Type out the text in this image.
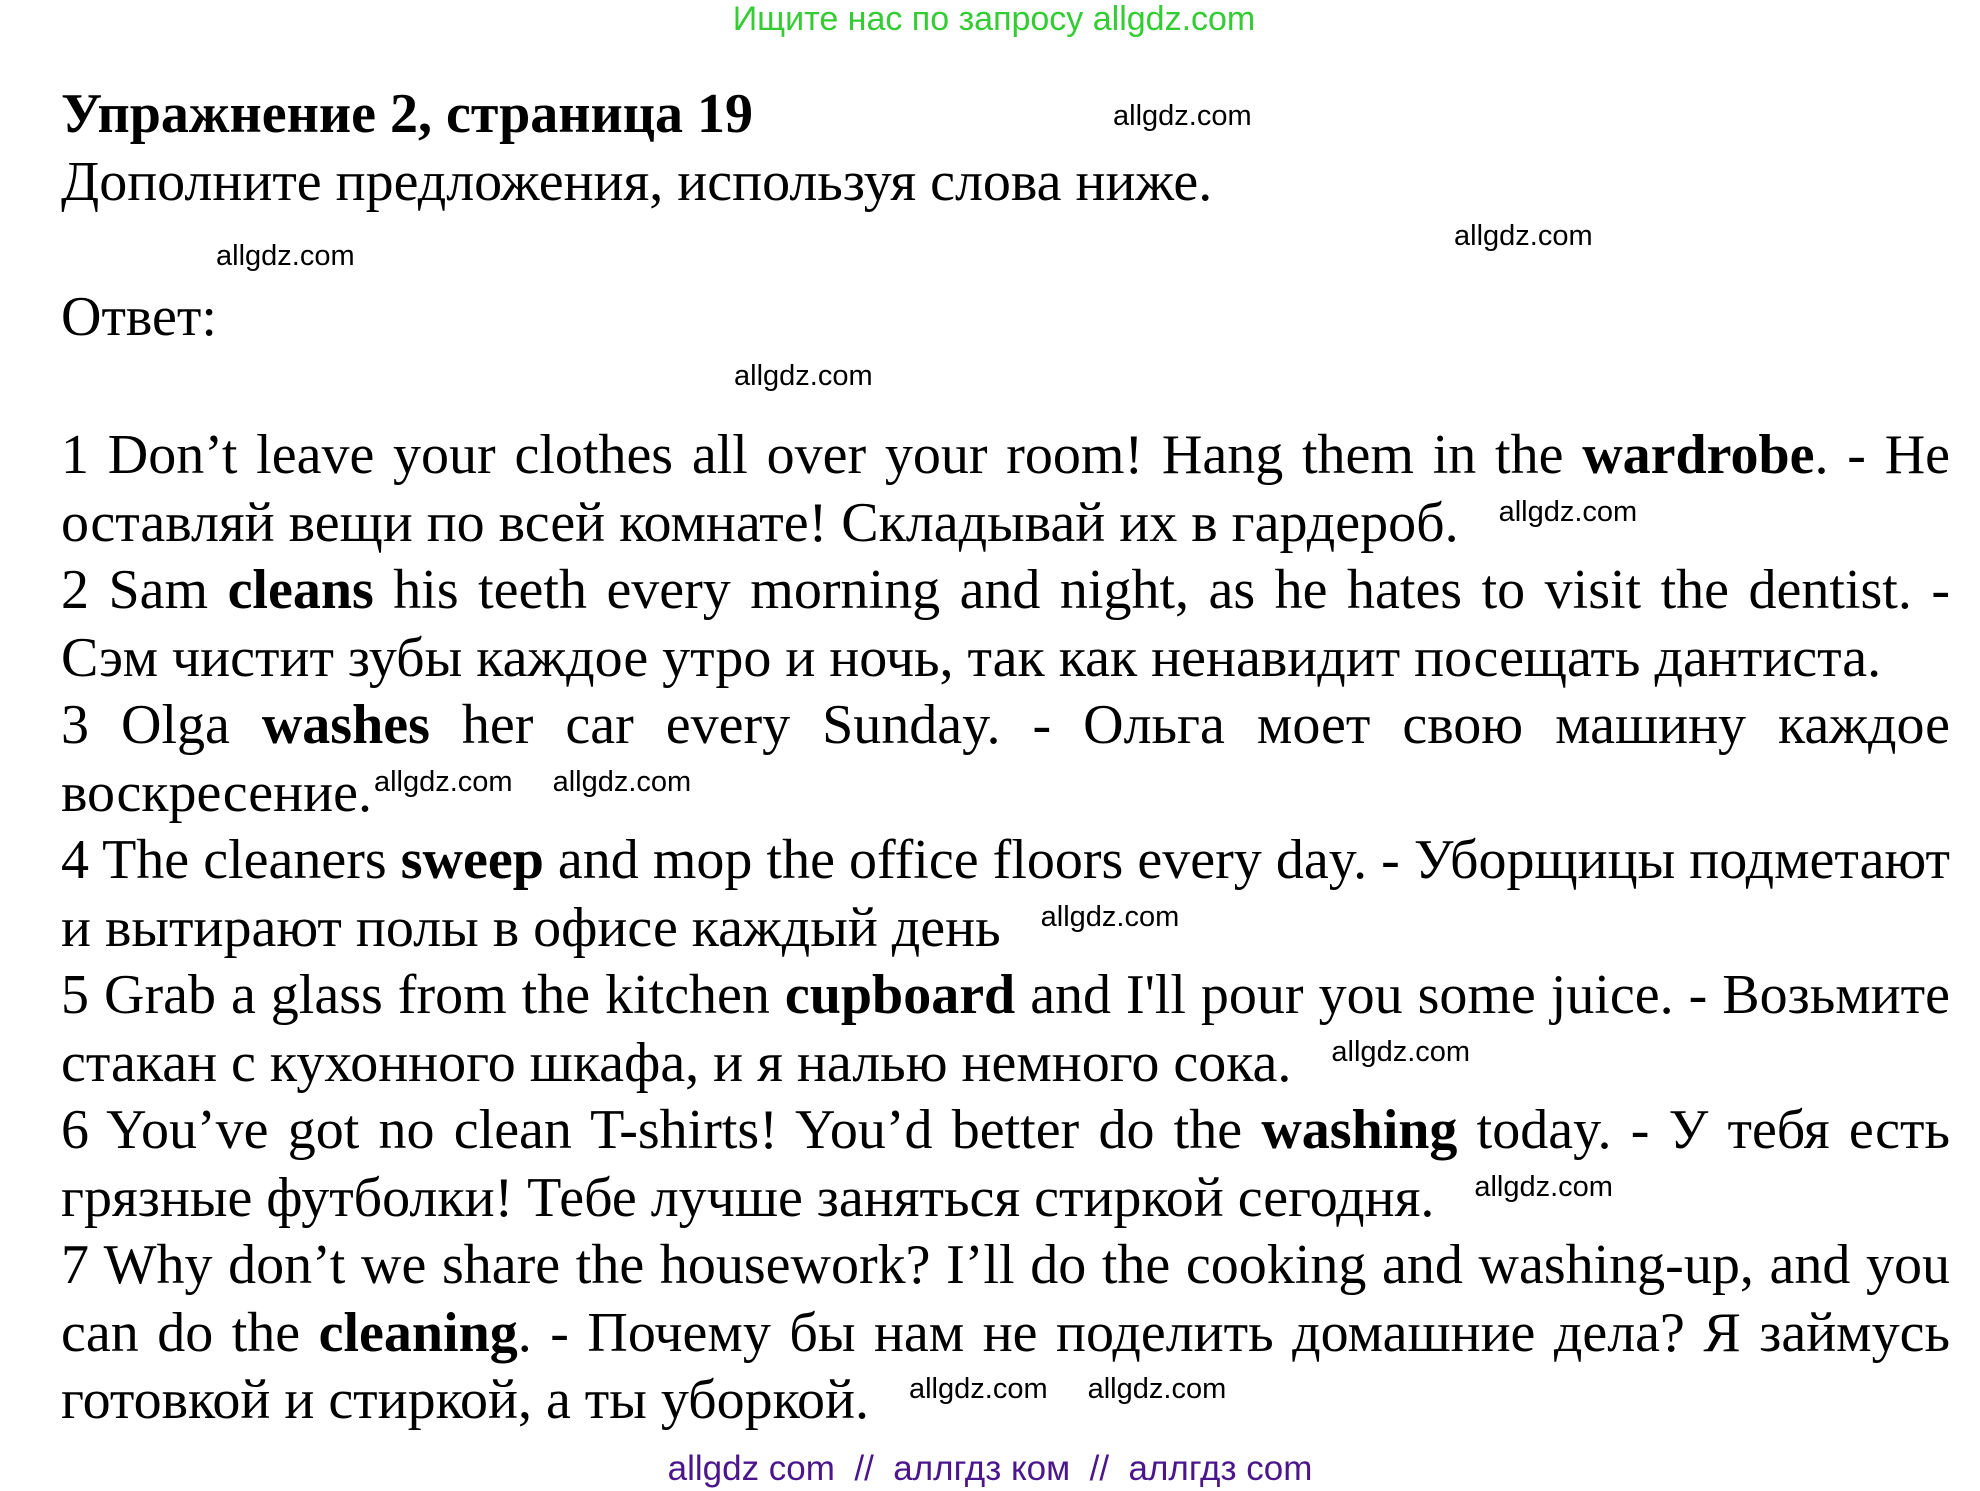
Ищите нас по запросу allgdz.com
Упражнение 2, страница 19
Дополните предложения, используя слова ниже.
Ответ:
allgdz.com
allgdz.com
allgdz.com
allgdz.com

1 Don’t leave your clothes all over your room! Hang them in the wardrobe. - Не оставляй вещи по всей комнате! Складывай их в гардероб. $^{allgdz.com}$

2 Sam cleans his teeth every morning and night, as he hates to visit the dentist. - Сэм чистит зубы каждое утро и ночь, так как ненавидит посещать дантиста.

3 Olga washes her car every Sunday. - Ольга моет свою машину каждое воскресение.$^{allgdz.com}$ $^{allgdz.com}$

4 The cleaners sweep and mop the office floors every day. - Уборщицы подметают и вытирают полы в офисе каждый день $^{allgdz.com}$

5 Grab a glass from the kitchen cupboard and I'll pour you some juice. - Возьмите стакан с кухонного шкафа, и я налью немного сока. $^{allgdz.com}$

6 You’ve got no clean T-shirts! You’d better do the washing today. - У тебя есть грязные футболки! Тебе лучше заняться стиркой сегодня. $^{allgdz.com}$

7 Why don’t we share the housework? I’ll do the cooking and washing-up, and you can do the cleaning. - Почему бы нам не поделить домашние дела? Я займусь готовкой и стиркой, а ты уборкой. $^{allgdz.com}$ $^{allgdz.com}$

allgdz com  //  аллгдз ком  //  аллгдз com
